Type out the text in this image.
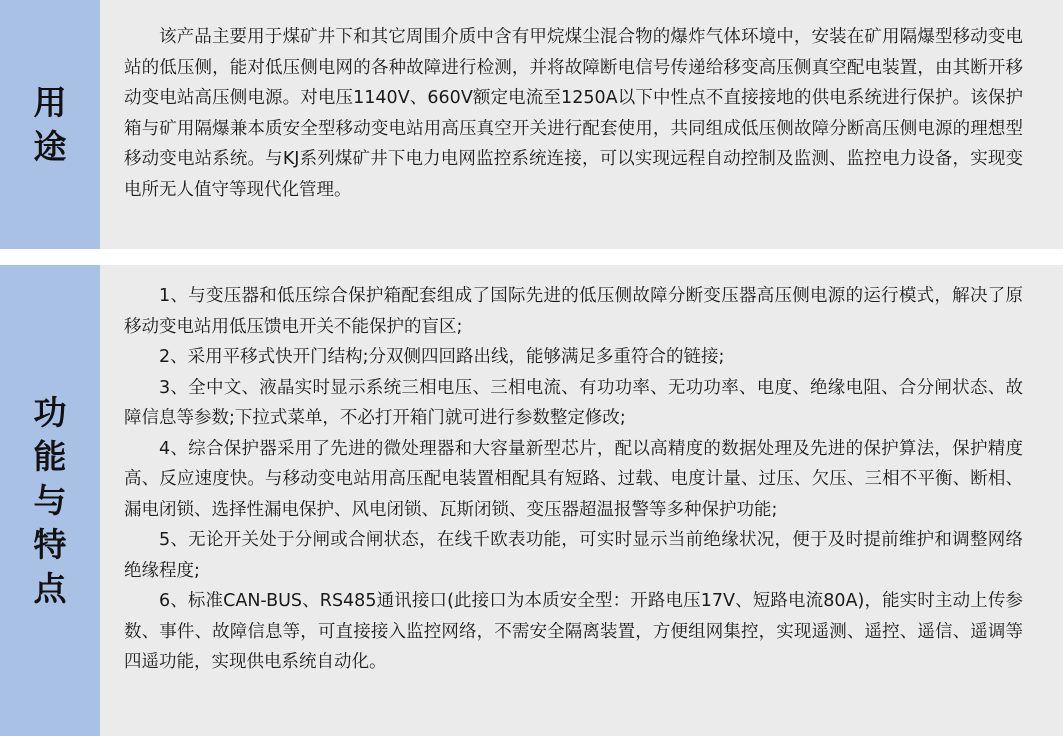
用
途

该产品主要用于煤矿井下和其它周围介质中含有甲烷煤尘混合物的爆炸气体环境中，安装在矿用隔爆型移动变电站的低压侧，能对低压侧电网的各种故障进行检测，并将故障断电信号传递给移变高压侧真空配电装置，由其断开移动变电站高压侧电源。对电压1140V、660V额定电流至1250A以下中性点不直接接地的供电系统进行保护。该保护箱与矿用隔爆兼本质安全型移动变电站用高压真空开关进行配套使用，共同组成低压侧故障分断高压侧电源的理想型移动变电站系统。与KJ系列煤矿井下电力电网监控系统连接，可以实现远程自动控制及监测、监控电力设备，实现变电所无人值守等现代化管理。

功
能
与
特
点

1、与变压器和低压综合保护箱配套组成了国际先进的低压侧故障分断变压器高压侧电源的运行模式，解决了原移动变电站用低压馈电开关不能保护的盲区;

2、采用平移式快开门结构;分双侧四回路出线，能够满足多重符合的链接;

3、全中文、液晶实时显示系统三相电压、三相电流、有功功率、无功功率、电度、绝缘电阻、合分闸状态、故障信息等参数;下拉式菜单，不必打开箱门就可进行参数整定修改;

4、综合保护器采用了先进的微处理器和大容量新型芯片，配以高精度的数据处理及先进的保护算法，保护精度高、反应速度快。与移动变电站用高压配电装置相配具有短路、过载、电度计量、过压、欠压、三相不平衡、断相、漏电闭锁、选择性漏电保护、风电闭锁、瓦斯闭锁、变压器超温报警等多种保护功能;

5、无论开关处于分闸或合闸状态，在线千欧表功能，可实时显示当前绝缘状况，便于及时提前维护和调整网络绝缘程度;

6、标准CAN-BUS、RS485通讯接口(此接口为本质安全型：开路电压17V、短路电流80A)，能实时主动上传参数、事件、故障信息等，可直接接入监控网络，不需安全隔离装置，方便组网集控，实现遥测、遥控、遥信、遥调等四遥功能，实现供电系统自动化。
